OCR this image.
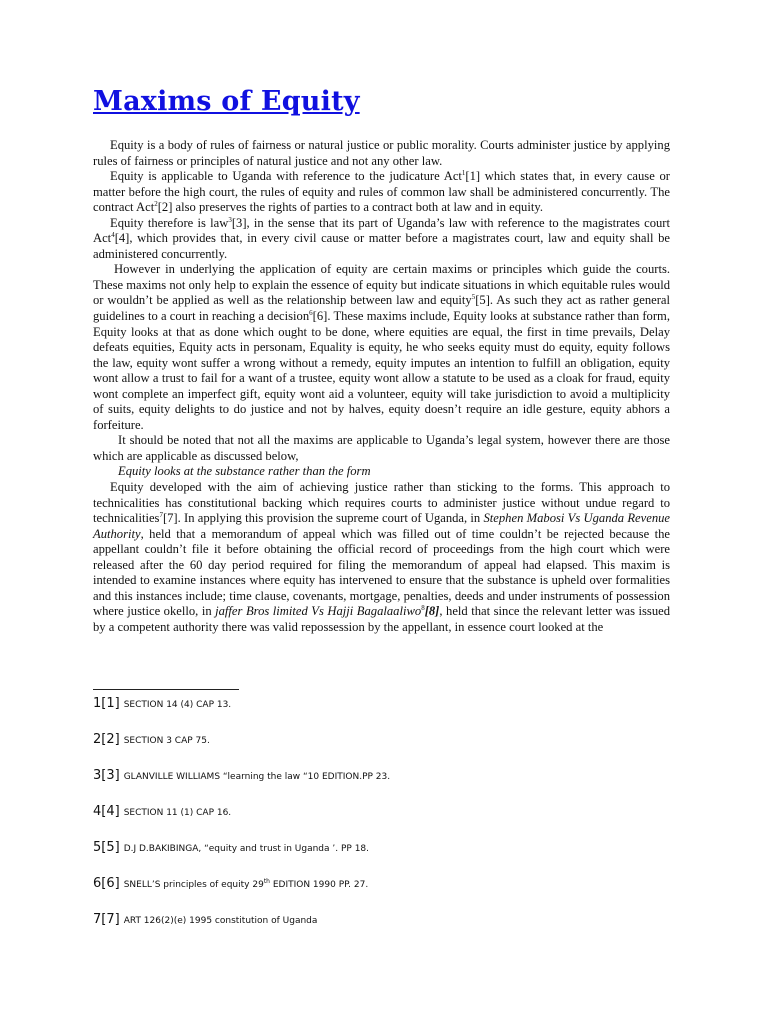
Maxims of Equity

Equity is a body of rules of fairness or natural justice or public morality. Courts administer justice by applying rules of fairness or principles of natural justice and not any other law.

Equity is applicable to Uganda with reference to the judicature Act$^1$[1] which states that, in every cause or matter before the high court, the rules of equity and rules of common law shall be administered concurrently. The contract Act$^2$[2] also preserves the rights of parties to a contract both at law and in equity.

Equity therefore is law$^3$[3], in the sense that its part of Uganda’s law with reference to the magistrates court Act$^4$[4], which provides that, in every civil cause or matter before a magistrates court, law and equity shall be administered concurrently.

However in underlying the application of equity are certain maxims or principles which guide the courts. These maxims not only help to explain the essence of equity but indicate situations in which equitable rules would or wouldn’t be applied as well as the relationship between law and equity$^5$[5]. As such they act as rather general guidelines to a court in reaching a decision$^6$[6]. These maxims include, Equity looks at substance rather than form, Equity looks at that as done which ought to be done, where equities are equal, the first in time prevails, Delay defeats equities, Equity acts in personam, Equality is equity, he who seeks equity must do equity, equity follows the law, equity wont suffer a wrong without a remedy, equity imputes an intention to fulfill an obligation, equity wont allow a trust to fail for a want of a trustee, equity wont allow a statute to be used as a cloak for fraud, equity wont complete an imperfect gift, equity wont aid a volunteer, equity will take jurisdiction to avoid a multiplicity of suits, equity delights to do justice and not by halves, equity doesn’t require an idle gesture, equity abhors a forfeiture.

It should be noted that not all the maxims are applicable to Uganda’s legal system, however there are those which are applicable as discussed below,

Equity looks at the substance rather than the form

Equity developed with the aim of achieving justice rather than sticking to the forms. This approach to technicalities has constitutional backing which requires courts to administer justice without undue regard to technicalities$^7$[7]. In applying this provision the supreme court of Uganda, in Stephen Mabosi Vs Uganda Revenue Authority, held that a memorandum of appeal which was filled out of time couldn’t be rejected because the appellant couldn’t file it before obtaining the official record of proceedings from the high court which were released after the 60 day period required for filing the memorandum of appeal had elapsed. This maxim is intended to examine instances where equity has intervened to ensure that the substance is upheld over formalities and this instances include; time clause, covenants, mortgage, penalties, deeds and under instruments of possession where justice okello, in jaffer Bros limited Vs Hajji Bagalaaliwo$^8$[8], held that since the relevant letter was issued by a competent authority there was valid repossession by the appellant, in essence court looked at the

1[1] SECTION 14 (4) CAP 13.
2[2] SECTION 3 CAP 75.
3[3] GLANVILLE WILLIAMS “learning the law “10 EDITION.PP 23.
4[4] SECTION 11 (1) CAP 16.
5[5] D.J D.BAKIBINGA, “equity and trust in Uganda ’. PP 18.
6[6] SNELL’S principles of equity 29th EDITION 1990 PP. 27.
7[7] ART 126(2)(e) 1995 constitution of Uganda
